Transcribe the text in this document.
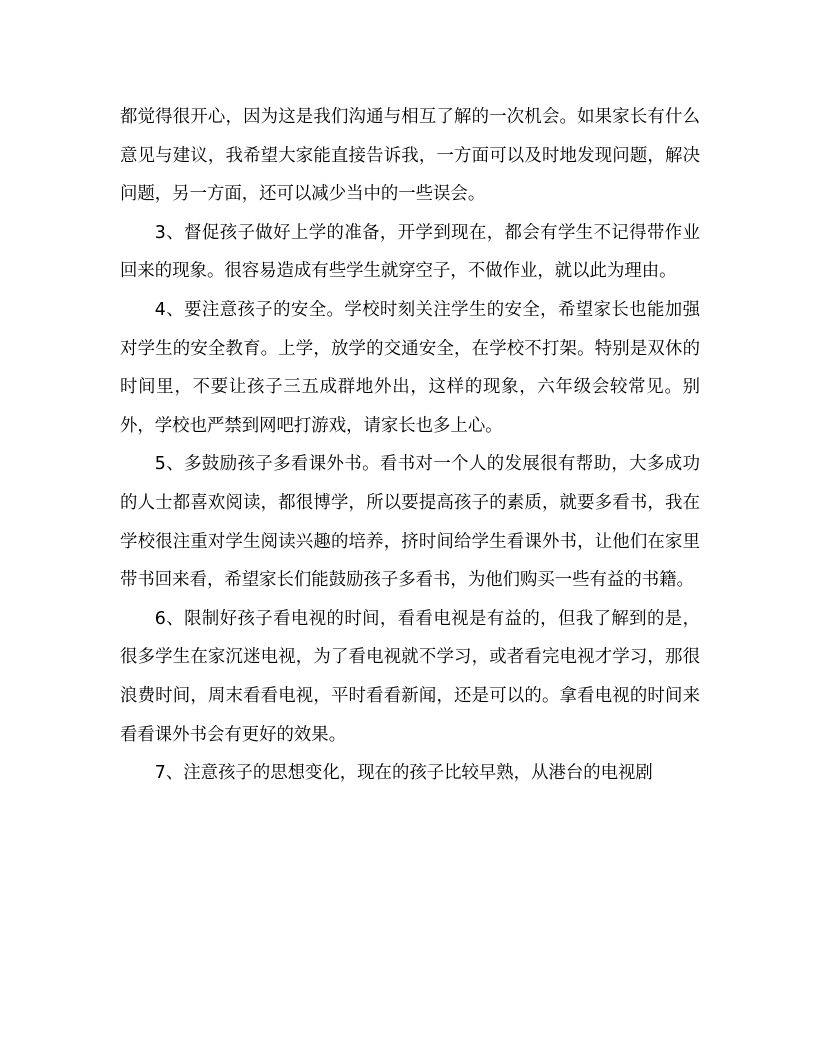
都觉得很开心，因为这是我们沟通与相互了解的一次机会。如果家长有什么意见与建议，我希望大家能直接告诉我，一方面可以及时地发现问题，解决问题，另一方面，还可以减少当中的一些误会。

3、督促孩子做好上学的准备，开学到现在，都会有学生不记得带作业回来的现象。很容易造成有些学生就穿空子，不做作业，就以此为理由。

4、要注意孩子的安全。学校时刻关注学生的安全，希望家长也能加强对学生的安全教育。上学，放学的交通安全，在学校不打架。特别是双休的时间里，不要让孩子三五成群地外出，这样的现象，六年级会较常见。别外，学校也严禁到网吧打游戏，请家长也多上心。

5、多鼓励孩子多看课外书。看书对一个人的发展很有帮助，大多成功的人士都喜欢阅读，都很博学，所以要提高孩子的素质，就要多看书，我在学校很注重对学生阅读兴趣的培养，挤时间给学生看课外书，让他们在家里带书回来看，希望家长们能鼓励孩子多看书，为他们购买一些有益的书籍。

6、限制好孩子看电视的时间，看看电视是有益的，但我了解到的是，很多学生在家沉迷电视，为了看电视就不学习，或者看完电视才学习，那很浪费时间，周末看看电视，平时看看新闻，还是可以的。拿看电视的时间来看看课外书会有更好的效果。

7、注意孩子的思想变化，现在的孩子比较早熟，从港台的电视剧
